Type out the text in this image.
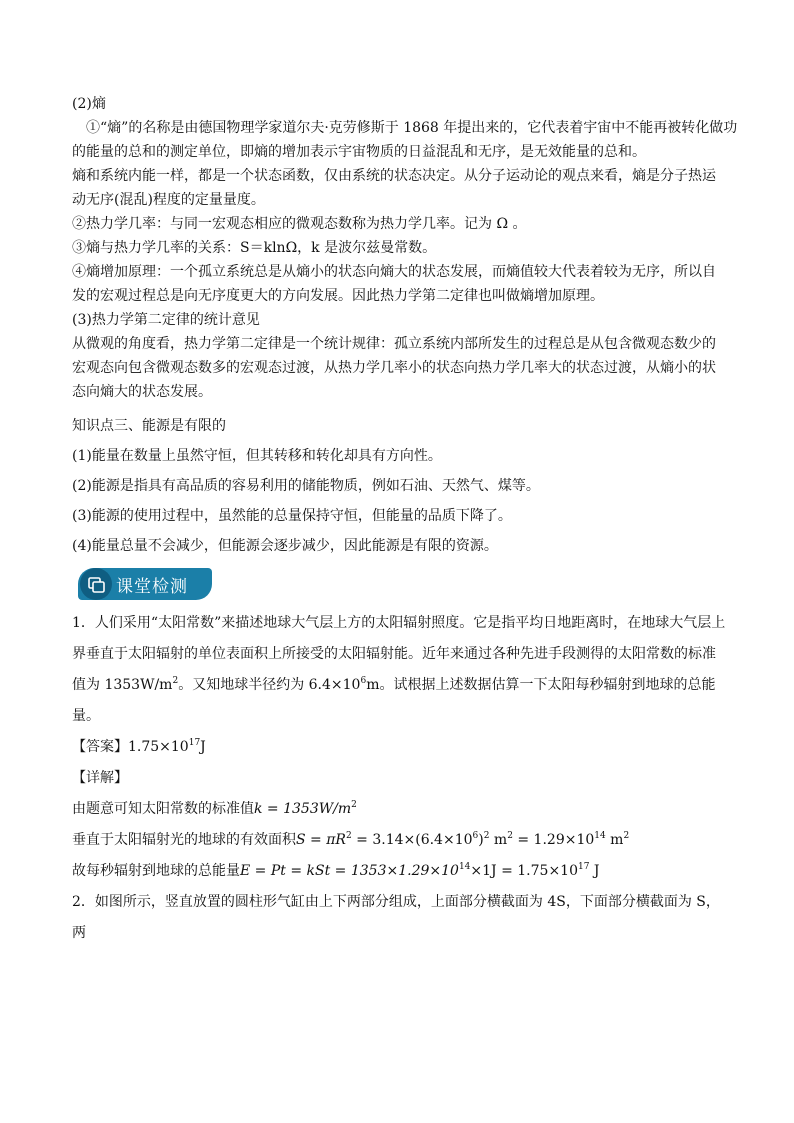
(2)熵

①“熵”的名称是由德国物理学家道尔夫·克劳修斯于 1868 年提出来的，它代表着宇宙中不能再被转化做功

的能量的总和的测定单位，即熵的增加表示宇宙物质的日益混乱和无序，是无效能量的总和。

熵和系统内能一样，都是一个状态函数，仅由系统的状态决定。从分子运动论的观点来看，熵是分子热运

动无序(混乱)程度的定量量度。

②热力学几率：与同一宏观态相应的微观态数称为热力学几率。记为 Ω 。

③熵与热力学几率的关系：S＝klnΩ，k 是波尔兹曼常数。

④熵增加原理：一个孤立系统总是从熵小的状态向熵大的状态发展，而熵值较大代表着较为无序，所以自

发的宏观过程总是向无序度更大的方向发展。因此热力学第二定律也叫做熵增加原理。

(3)热力学第二定律的统计意见

从微观的角度看，热力学第二定律是一个统计规律：孤立系统内部所发生的过程总是从包含微观态数少的

宏观态向包含微观态数多的宏观态过渡，从热力学几率小的状态向热力学几率大的状态过渡，从熵小的状

态向熵大的状态发展。

知识点三、能源是有限的

(1)能量在数量上虽然守恒，但其转移和转化却具有方向性。

(2)能源是指具有高品质的容易利用的储能物质，例如石油、天然气、煤等。

(3)能源的使用过程中，虽然能的总量保持守恒，但能量的品质下降了。

(4)能量总量不会减少，但能源会逐步减少，因此能源是有限的资源。

课堂检测

1．人们采用“太阳常数”来描述地球大气层上方的太阳辐射照度。它是指平均日地距离时，在地球大气层上

界垂直于太阳辐射的单位表面积上所接受的太阳辐射能。近年来通过各种先进手段测得的太阳常数的标准

值为 $1353W/m^2$。又知地球半径约为 $6.4\times 10^6m$。试根据上述数据估算一下太阳每秒辐射到地球的总能量。

【答案】$1.75\times 10^{17}J$

【详解】

由题意可知太阳常数的标准值$k = 1353W/m^2$

垂直于太阳辐射光的地球的有效面积$S = \pi R^2 = 3.14\times(6.4\times 10^6)^2$ $m^2 = 1.29\times 10^{14}$ $m^2$

故每秒辐射到地球的总能量E = Pt = kSt = $1353\times 1.29\times 10^{14}\times 1J = 1.75\times 10^{17}$ J

2．如图所示，竖直放置的圆柱形气缸由上下两部分组成，上面部分横截面为 4S，下面部分横截面为 S，两
